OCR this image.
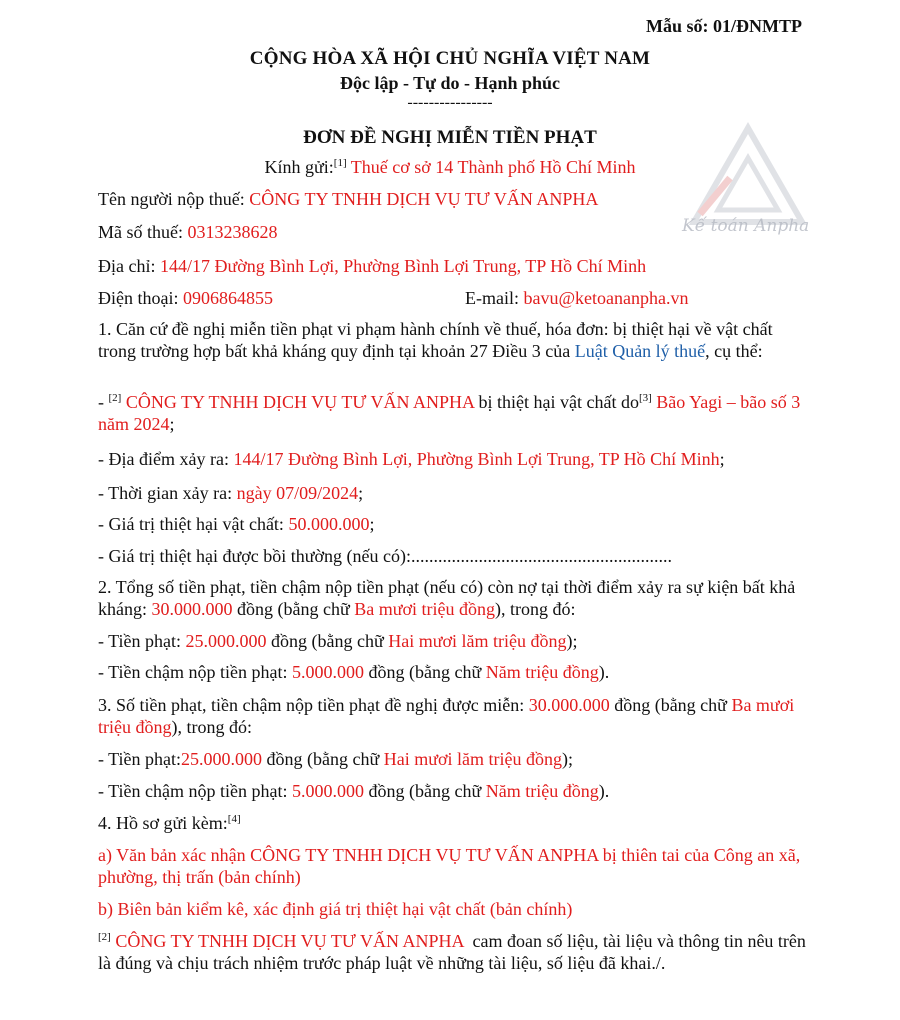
Kế toán Anpha
Mẫu số: 01/ĐNMTP
CỘNG HÒA XÃ HỘI CHỦ NGHĨA VIỆT NAM
Độc lập - Tự do - Hạnh phúc
----------------
ĐƠN ĐỀ NGHỊ MIỄN TIỀN PHẠT
Kính gửi:[1] Thuế cơ sở 14 Thành phố Hồ Chí Minh
Tên người nộp thuế: CÔNG TY TNHH DỊCH VỤ TƯ VẤN ANPHA
Mã số thuế: 0313238628
Địa chỉ: 144/17 Đường Bình Lợi, Phường Bình Lợi Trung, TP Hồ Chí Minh
Điện thoại: 0906864855	E-mail: bavu@ketoananpha.vn
1. Căn cứ đề nghị miễn tiền phạt vi phạm hành chính về thuế, hóa đơn: bị thiệt hại về vật chất trong trường hợp bất khả kháng quy định tại khoản 27 Điều 3 của Luật Quản lý thuế, cụ thể:
- [2] CÔNG TY TNHH DỊCH VỤ TƯ VẤN ANPHA bị thiệt hại vật chất do[3] Bão Yagi – bão số 3 năm 2024;
- Địa điểm xảy ra: 144/17 Đường Bình Lợi, Phường Bình Lợi Trung, TP Hồ Chí Minh;
- Thời gian xảy ra: ngày 07/09/2024;
- Giá trị thiệt hại vật chất: 50.000.000;
- Giá trị thiệt hại được bồi thường (nếu có):..........................................................
2. Tổng số tiền phạt, tiền chậm nộp tiền phạt (nếu có) còn nợ tại thời điểm xảy ra sự kiện bất khả kháng: 30.000.000 đồng (bằng chữ Ba mươi triệu đồng), trong đó:
- Tiền phạt: 25.000.000 đồng (bằng chữ Hai mươi lăm triệu đồng);
- Tiền chậm nộp tiền phạt: 5.000.000 đồng (bằng chữ Năm triệu đồng).
3. Số tiền phạt, tiền chậm nộp tiền phạt đề nghị được miễn: 30.000.000 đồng (bằng chữ Ba mươi triệu đồng), trong đó:
- Tiền phạt:25.000.000 đồng (bằng chữ Hai mươi lăm triệu đồng);
- Tiền chậm nộp tiền phạt: 5.000.000 đồng (bằng chữ Năm triệu đồng).
4. Hồ sơ gửi kèm:[4]
a) Văn bản xác nhận CÔNG TY TNHH DỊCH VỤ TƯ VẤN ANPHA bị thiên tai của Công an xã, phường, thị trấn (bản chính)
b) Biên bản kiểm kê, xác định giá trị thiệt hại vật chất (bản chính)
[2] CÔNG TY TNHH DỊCH VỤ TƯ VẤN ANPHA  cam đoan số liệu, tài liệu và thông tin nêu trên là đúng và chịu trách nhiệm trước pháp luật về những tài liệu, số liệu đã khai./.
